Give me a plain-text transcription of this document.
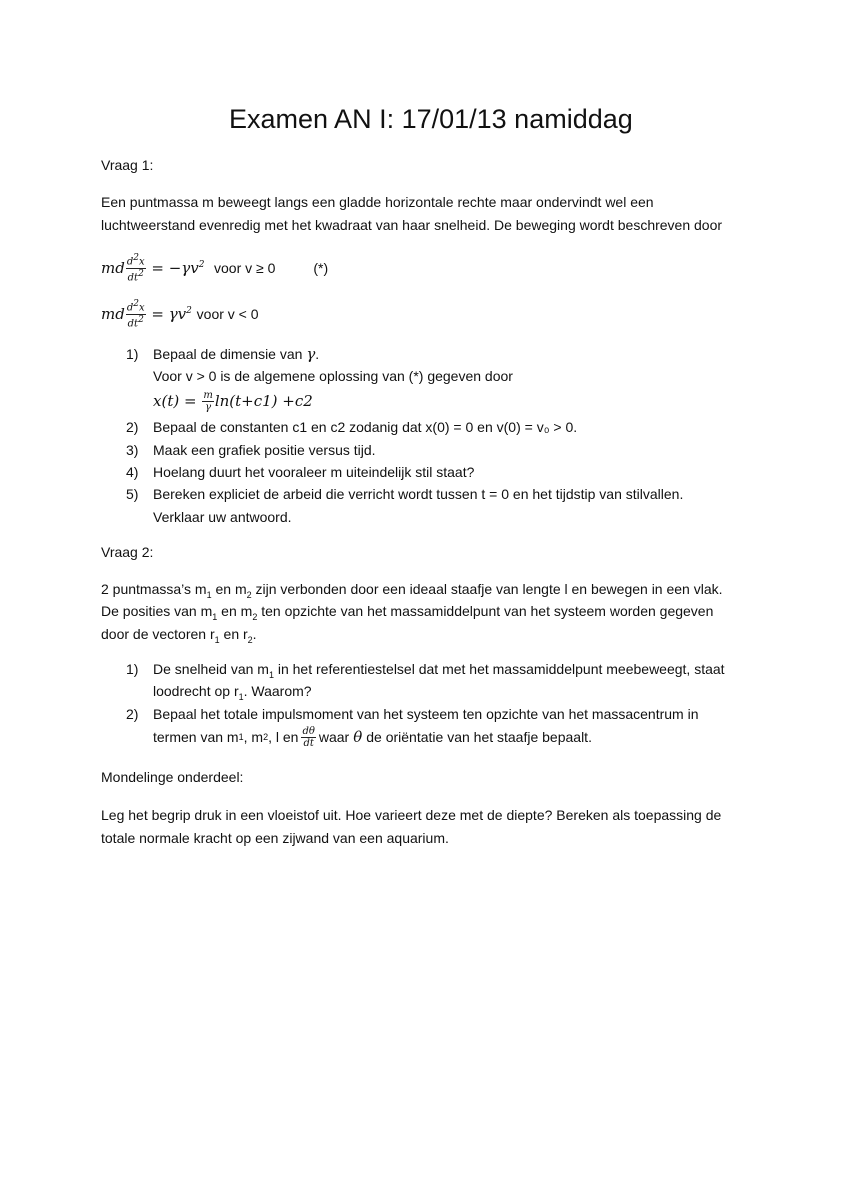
Examen AN I: 17/01/13 namiddag
Vraag 1:
Een puntmassa m beweegt langs een gladde horizontale rechte maar ondervindt wel een
luchtweerstand evenredig met het kwadraat van haar snelheid. De beweging wordt beschreven door
md $\frac{d^2x}{dt^2} = -\gamma v^2$ voor v ≥ 0	(*)
md $\frac{d^2x}{dt^2} = \gamma v^2$ voor v < 0
1) Bepaal de dimensie van γ.
Voor v > 0 is de algemene oplossing van (*) gegeven door
x ( t ) = $\frac{m}{\gamma} \ln$( t + c 1) + c 2
2) Bepaal de constanten c1 en c2 zodanig dat x(0) = 0 en v(0) = v₀ > 0.
3) Maak een grafiek positie versus tijd.
4) Hoelang duurt het vooraleer m uiteindelijk stil staat?
5) Bereken expliciet de arbeid die verricht wordt tussen t = 0 en het tijdstip van stilvallen.
Verklaar uw antwoord.
Vraag 2:
2 puntmassa’s $m_1$ en $m_2$ zijn verbonden door een ideaal staafje van lengte l en bewegen in een vlak.
De posities van $m_1$ en $m_2$ ten opzichte van het massamiddelpunt van het systeem worden gegeven
door de vectoren $r_1$ en $r_2$.
1) De snelheid van $m_1$ in het referentiestelsel dat met het massamiddelpunt meebeweegt, staat
loodrecht op $r_1$. Waarom?
2) Bepaal het totale impulsmoment van het systeem ten opzichte van het massacentrum in
termen van m 1 , m 2 , l en $\frac{d\theta}{dt}$ waar θ de oriëntatie van het staafje bepaalt.
Mondelinge onderdeel:
Leg het begrip druk in een vloeistof uit. Hoe varieert deze met de diepte? Bereken als toepassing de
totale normale kracht op een zijwand van een aquarium.
